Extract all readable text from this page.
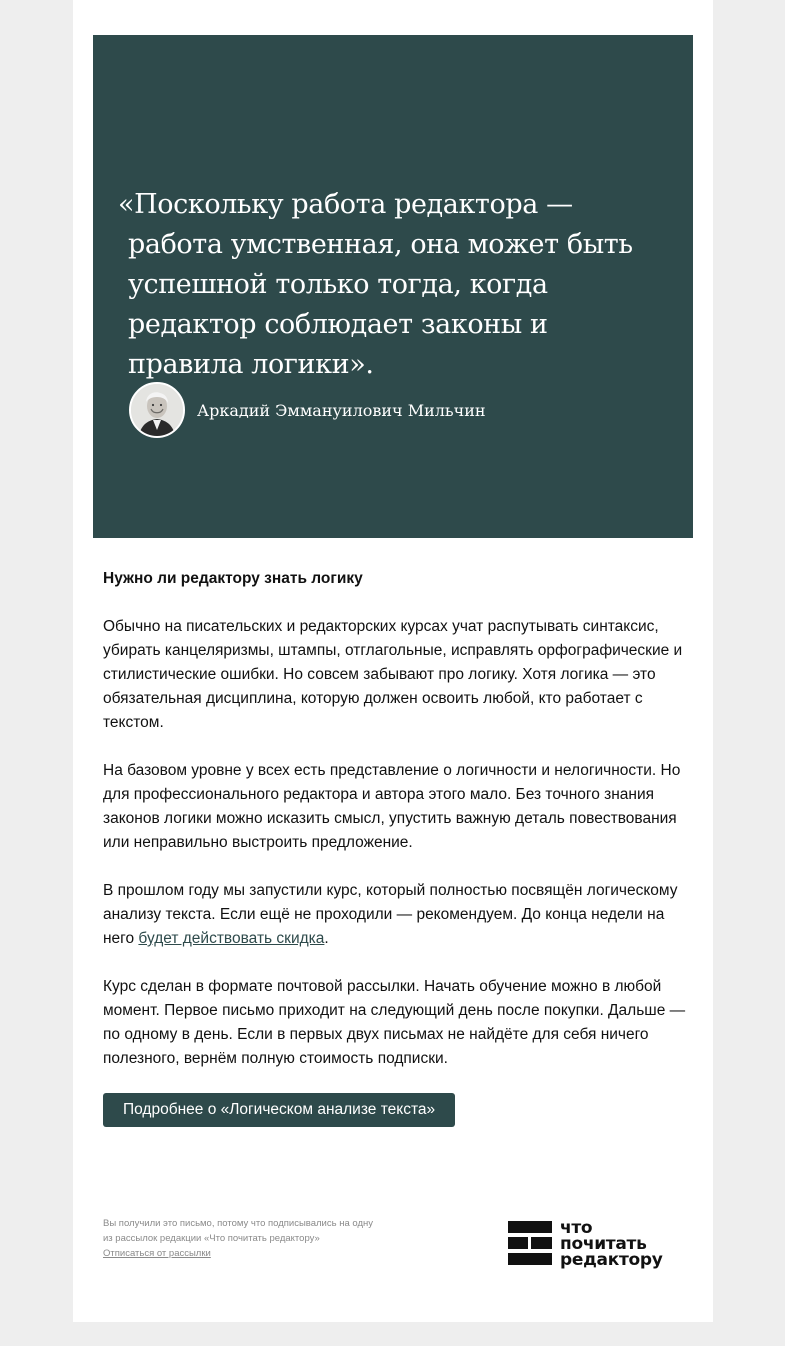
«Поскольку работа редактора — работа умственная, она может быть успешной только тогда, когда редактор соблюдает законы и правила логики».

Аркадий Эммануилович Мильчин
Нужно ли редактору знать логику

Обычно на писательских и редакторских курсах учат распутывать синтаксис, убирать канцеляризмы, штампы, отглагольные, исправлять орфографические и стилистические ошибки. Но совсем забывают про логику. Хотя логика — это обязательная дисциплина, которую должен освоить любой, кто работает с текстом.

На базовом уровне у всех есть представление о логичности и нелогичности. Но для профессионального редактора и автора этого мало. Без точного знания законов логики можно исказить смысл, упустить важную деталь повествования или неправильно выстроить предложение.

В прошлом году мы запустили курс, который полностью посвящён логическому анализу текста. Если ещё не проходили — рекомендуем. До конца недели на него будет действовать скидка.

Курс сделан в формате почтовой рассылки. Начать обучение можно в любой момент. Первое письмо приходит на следующий день после покупки. Дальше — по одному в день. Если в первых двух письмах не найдёте для себя ничего полезного, вернём полную стоимость подписки.

Подробнее о «Логическом анализе текста»
Вы получили это письмо, потому что подписывались на одну из рассылок редакции «Что почитать редактору»
Отписаться от рассылки
что
почитать
редактору
